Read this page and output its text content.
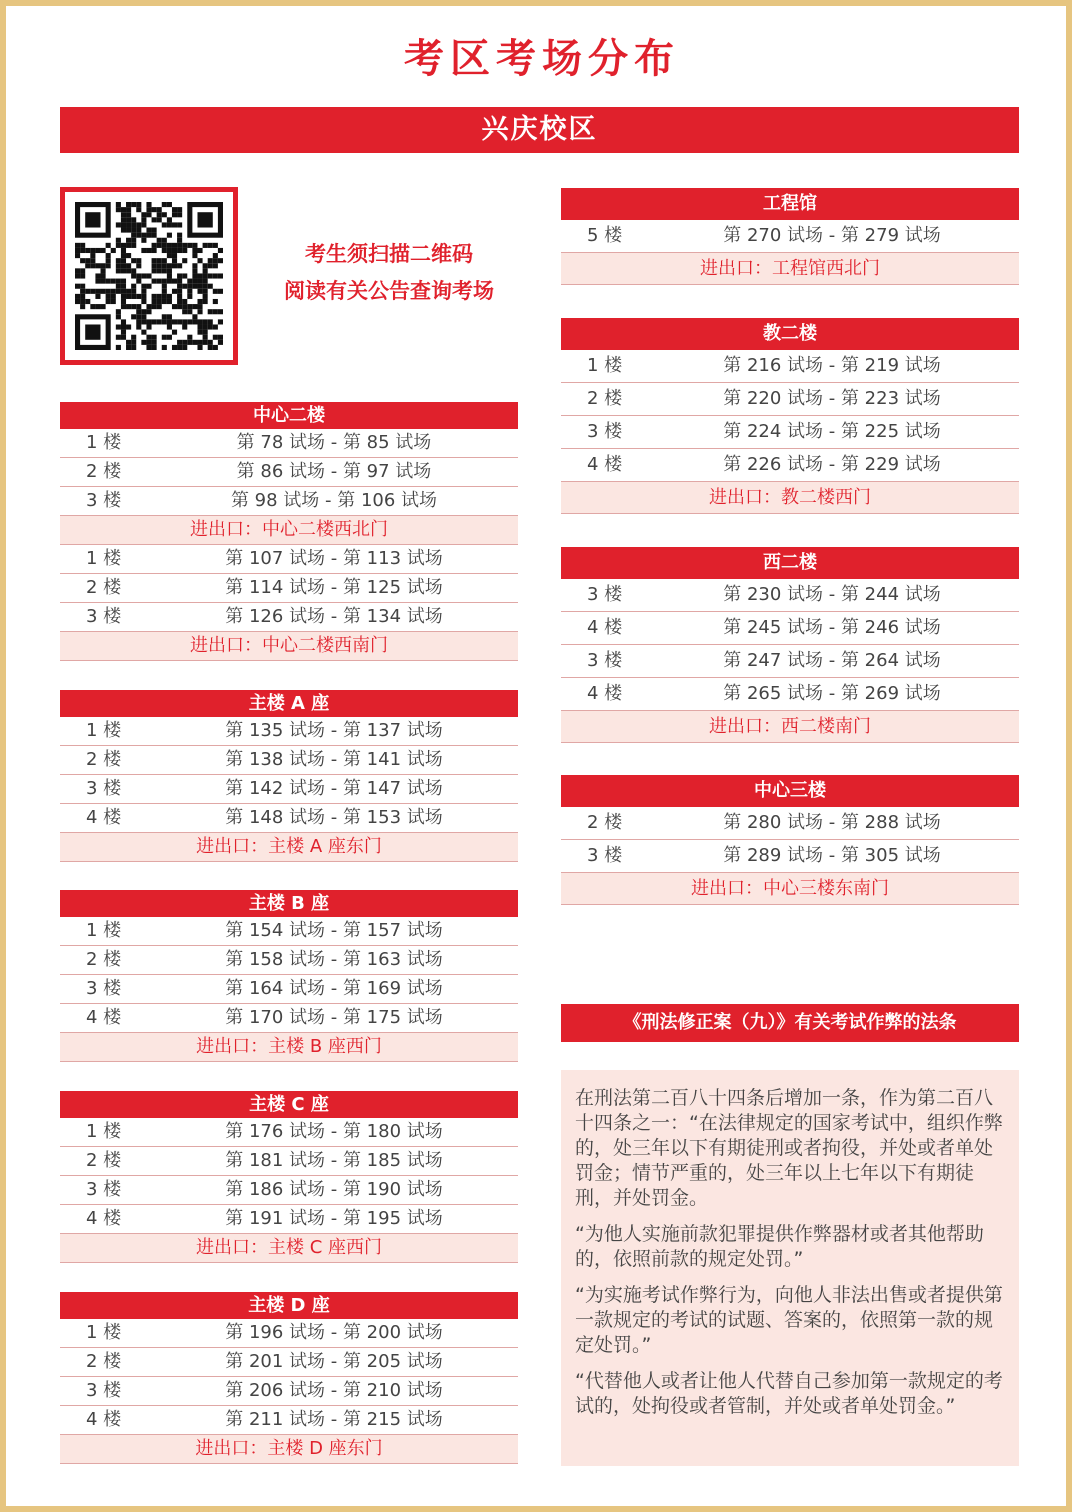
考区考场分布
兴庆校区
考生须扫描二维码
阅读有关公告查询考场
中心二楼
1 楼	第 78 试场 - 第 85 试场
2 楼	第 86 试场 - 第 97 试场
3 楼	第 98 试场 - 第 106 试场
进出口：中心二楼西北门
1 楼	第 107 试场 - 第 113 试场
2 楼	第 114 试场 - 第 125 试场
3 楼	第 126 试场 - 第 134 试场
进出口：中心二楼西南门
主楼 A 座
1 楼	第 135 试场 - 第 137 试场
2 楼	第 138 试场 - 第 141 试场
3 楼	第 142 试场 - 第 147 试场
4 楼	第 148 试场 - 第 153 试场
进出口：主楼 A 座东门
主楼 B 座
1 楼	第 154 试场 - 第 157 试场
2 楼	第 158 试场 - 第 163 试场
3 楼	第 164 试场 - 第 169 试场
4 楼	第 170 试场 - 第 175 试场
进出口：主楼 B 座西门
主楼 C 座
1 楼	第 176 试场 - 第 180 试场
2 楼	第 181 试场 - 第 185 试场
3 楼	第 186 试场 - 第 190 试场
4 楼	第 191 试场 - 第 195 试场
进出口：主楼 C 座西门
主楼 D 座
1 楼	第 196 试场 - 第 200 试场
2 楼	第 201 试场 - 第 205 试场
3 楼	第 206 试场 - 第 210 试场
4 楼	第 211 试场 - 第 215 试场
进出口：主楼 D 座东门
工程馆
5 楼	第 270 试场 - 第 279 试场
进出口：工程馆西北门
教二楼
1 楼	第 216 试场 - 第 219 试场
2 楼	第 220 试场 - 第 223 试场
3 楼	第 224 试场 - 第 225 试场
4 楼	第 226 试场 - 第 229 试场
进出口：教二楼西门
西二楼
3 楼	第 230 试场 - 第 244 试场
4 楼	第 245 试场 - 第 246 试场
3 楼	第 247 试场 - 第 264 试场
4 楼	第 265 试场 - 第 269 试场
进出口：西二楼南门
中心三楼
2 楼	第 280 试场 - 第 288 试场
3 楼	第 289 试场 - 第 305 试场
进出口：中心三楼东南门
《刑法修正案（九）》有关考试作弊的法条

在刑法第二百八十四条后增加一条，作为第二百八十四条之一：“在法律规定的国家考试中，组织作弊的，处三年以下有期徒刑或者拘役，并处或者单处罚金；情节严重的，处三年以上七年以下有期徒刑，并处罚金。

“为他人实施前款犯罪提供作弊器材或者其他帮助的，依照前款的规定处罚。”

“为实施考试作弊行为，向他人非法出售或者提供第一款规定的考试的试题、答案的，依照第一款的规定处罚。”

“代替他人或者让他人代替自己参加第一款规定的考试的，处拘役或者管制，并处或者单处罚金。”
